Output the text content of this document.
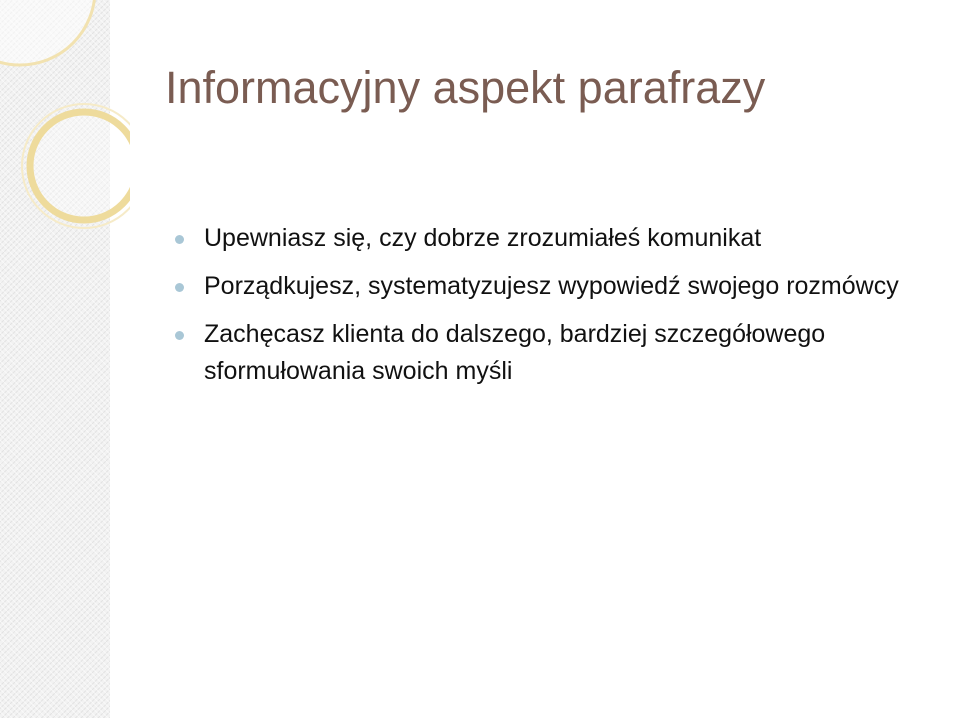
Informacyjny aspekt parafrazy
Upewniasz się, czy dobrze zrozumiałeś komunikat
Porządkujesz, systematyzujesz wypowiedź swojego rozmówcy
Zachęcasz klienta do dalszego, bardziej szczegółowego sformułowania swoich myśli
